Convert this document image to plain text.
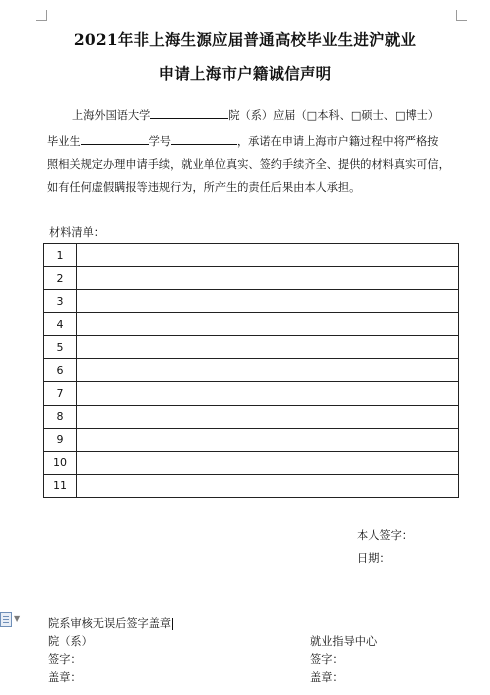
2021年非上海生源应届普通高校毕业生进沪就业
申请上海市户籍诚信声明
上海外国语大学	院（系）应届（□本科、□硕士、□博士）
毕业生	学号	，承诺在申请上海市户籍过程中将严格按
照相关规定办理申请手续，就业单位真实、签约手续齐全、提供的材料真实可信，
如有任何虚假瞒报等违规行为，所产生的责任后果由本人承担。
材料清单：
1	
2	
3	
4	
5	
6	
7	
8	
9	
10	
11	
本人签字：
日期：
▼ 院系审核无误后签字盖章
院（系）
签字：
盖章：
就业指导中心
签字：
盖章：
